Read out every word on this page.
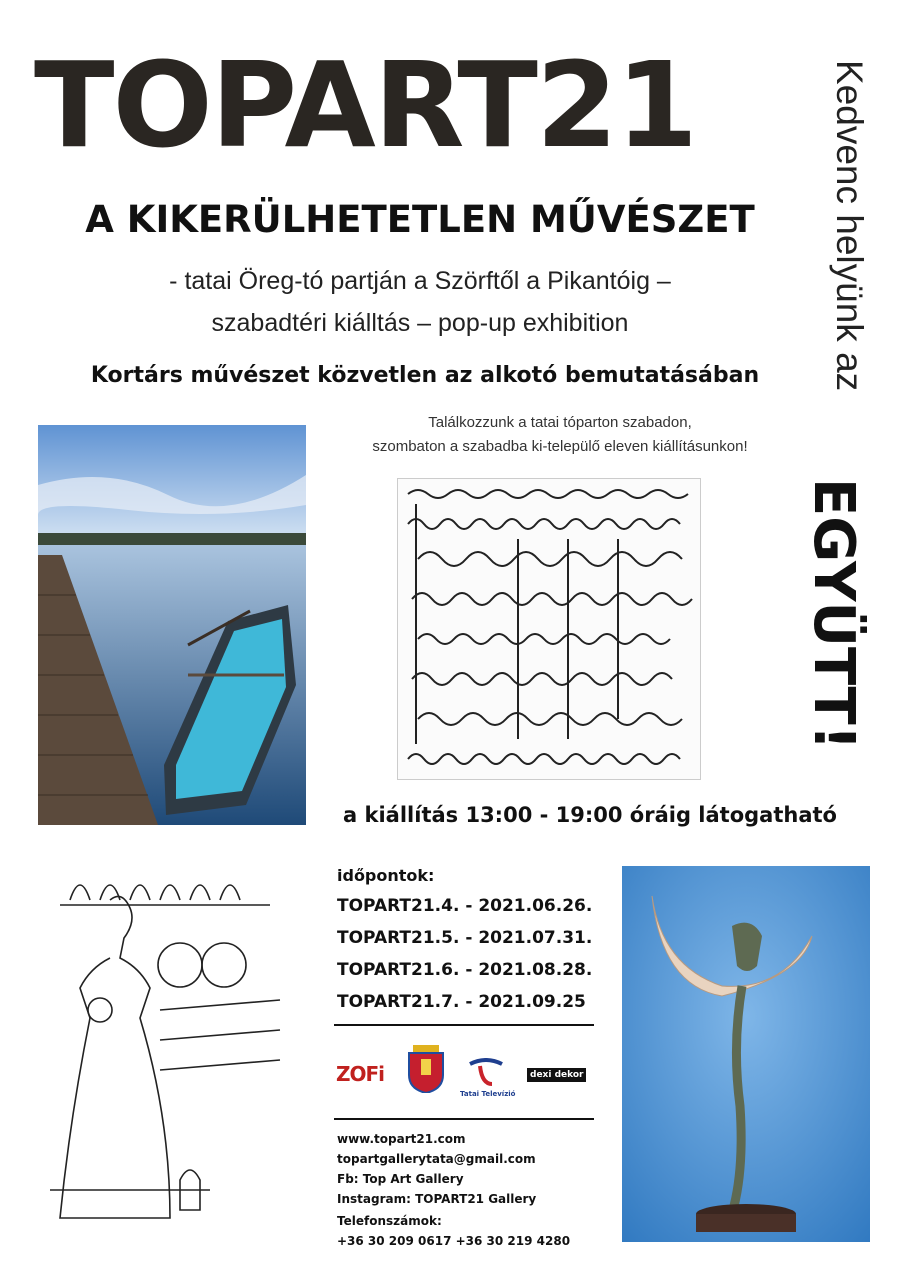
TOPART21
A KIKERÜLHETETLEN MŰVÉSZET
- tatai Öreg-tó partján a Szörftől a Pikantóig –
szabadtéri kiálltás – pop-up exhibition
Kortárs művészet közvetlen az alkotó bemutatásában
Találkozzunk a tatai tóparton szabadon,
szombaton a szabadba ki-települő eleven kiállításunkon!
Kedvenc helyünk az
EGYÜTT!
a kiállítás 13:00 - 19:00 óráig látogatható
időpontok:
TOPART21.4. - 2021.06.26.
TOPART21.5. - 2021.07.31.
TOPART21.6. - 2021.08.28.
TOPART21.7. - 2021.09.25
ZOFi
Tatai Televízió
dexi dekor
www.topart21.com
topartgallerytata@gmail.com
Fb: Top Art Gallery
Instagram: TOPART21 Gallery
Telefonszámok:
+36 30 209 0617 +36 30 219 4280
